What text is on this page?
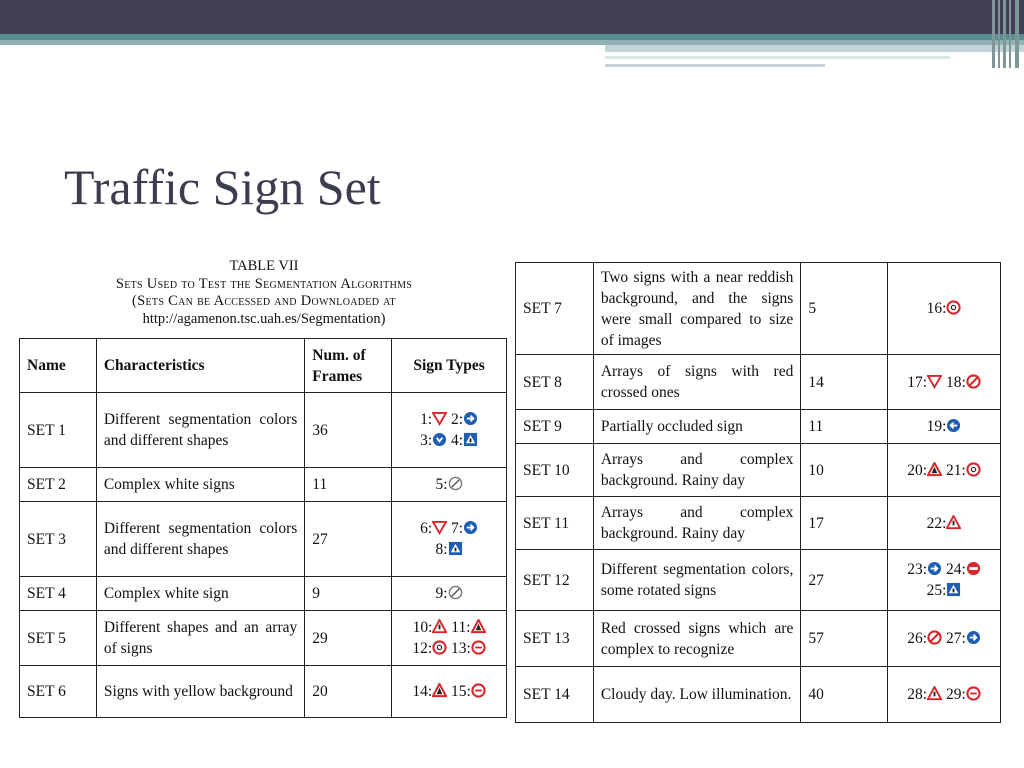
Traffic Sign Set
TABLE VII
Sets Used to Test the Segmentation Algorithms
(Sets Can be Accessed and Downloaded at
http://agamenon.tsc.uah.es/Segmentation)
Name	Characteristics	Num. of Frames	Sign Types
SET 1	Different segmentation colors and different shapes	36	1: 2:
3: 4:

SET 2	Complex white signs	11	5:

SET 3	Different segmentation colors and different shapes	27	6: 7:
8:

SET 4	Complex white sign	9	9:

SET 5	Different shapes and an array of signs	29	10: 11:
12: 13:

SET 6	Signs with yellow background	20	14: 15:
SET 7	Two signs with a near reddish background, and the signs were small compared to size of images	5	16:

SET 8	Arrays of signs with red crossed ones	14	17: 18:

SET 9	Partially occluded sign	11	19:

SET 10	Arrays and complex background. Rainy day	10	20: 21:

SET 11	Arrays and complex background. Rainy day	17	22:

SET 12	Different segmentation colors, some rotated signs	27	23: 24:
25:

SET 13	Red crossed signs which are complex to recognize	57	26: 27:

SET 14	Cloudy day. Low illumination.	40	28: 29:
